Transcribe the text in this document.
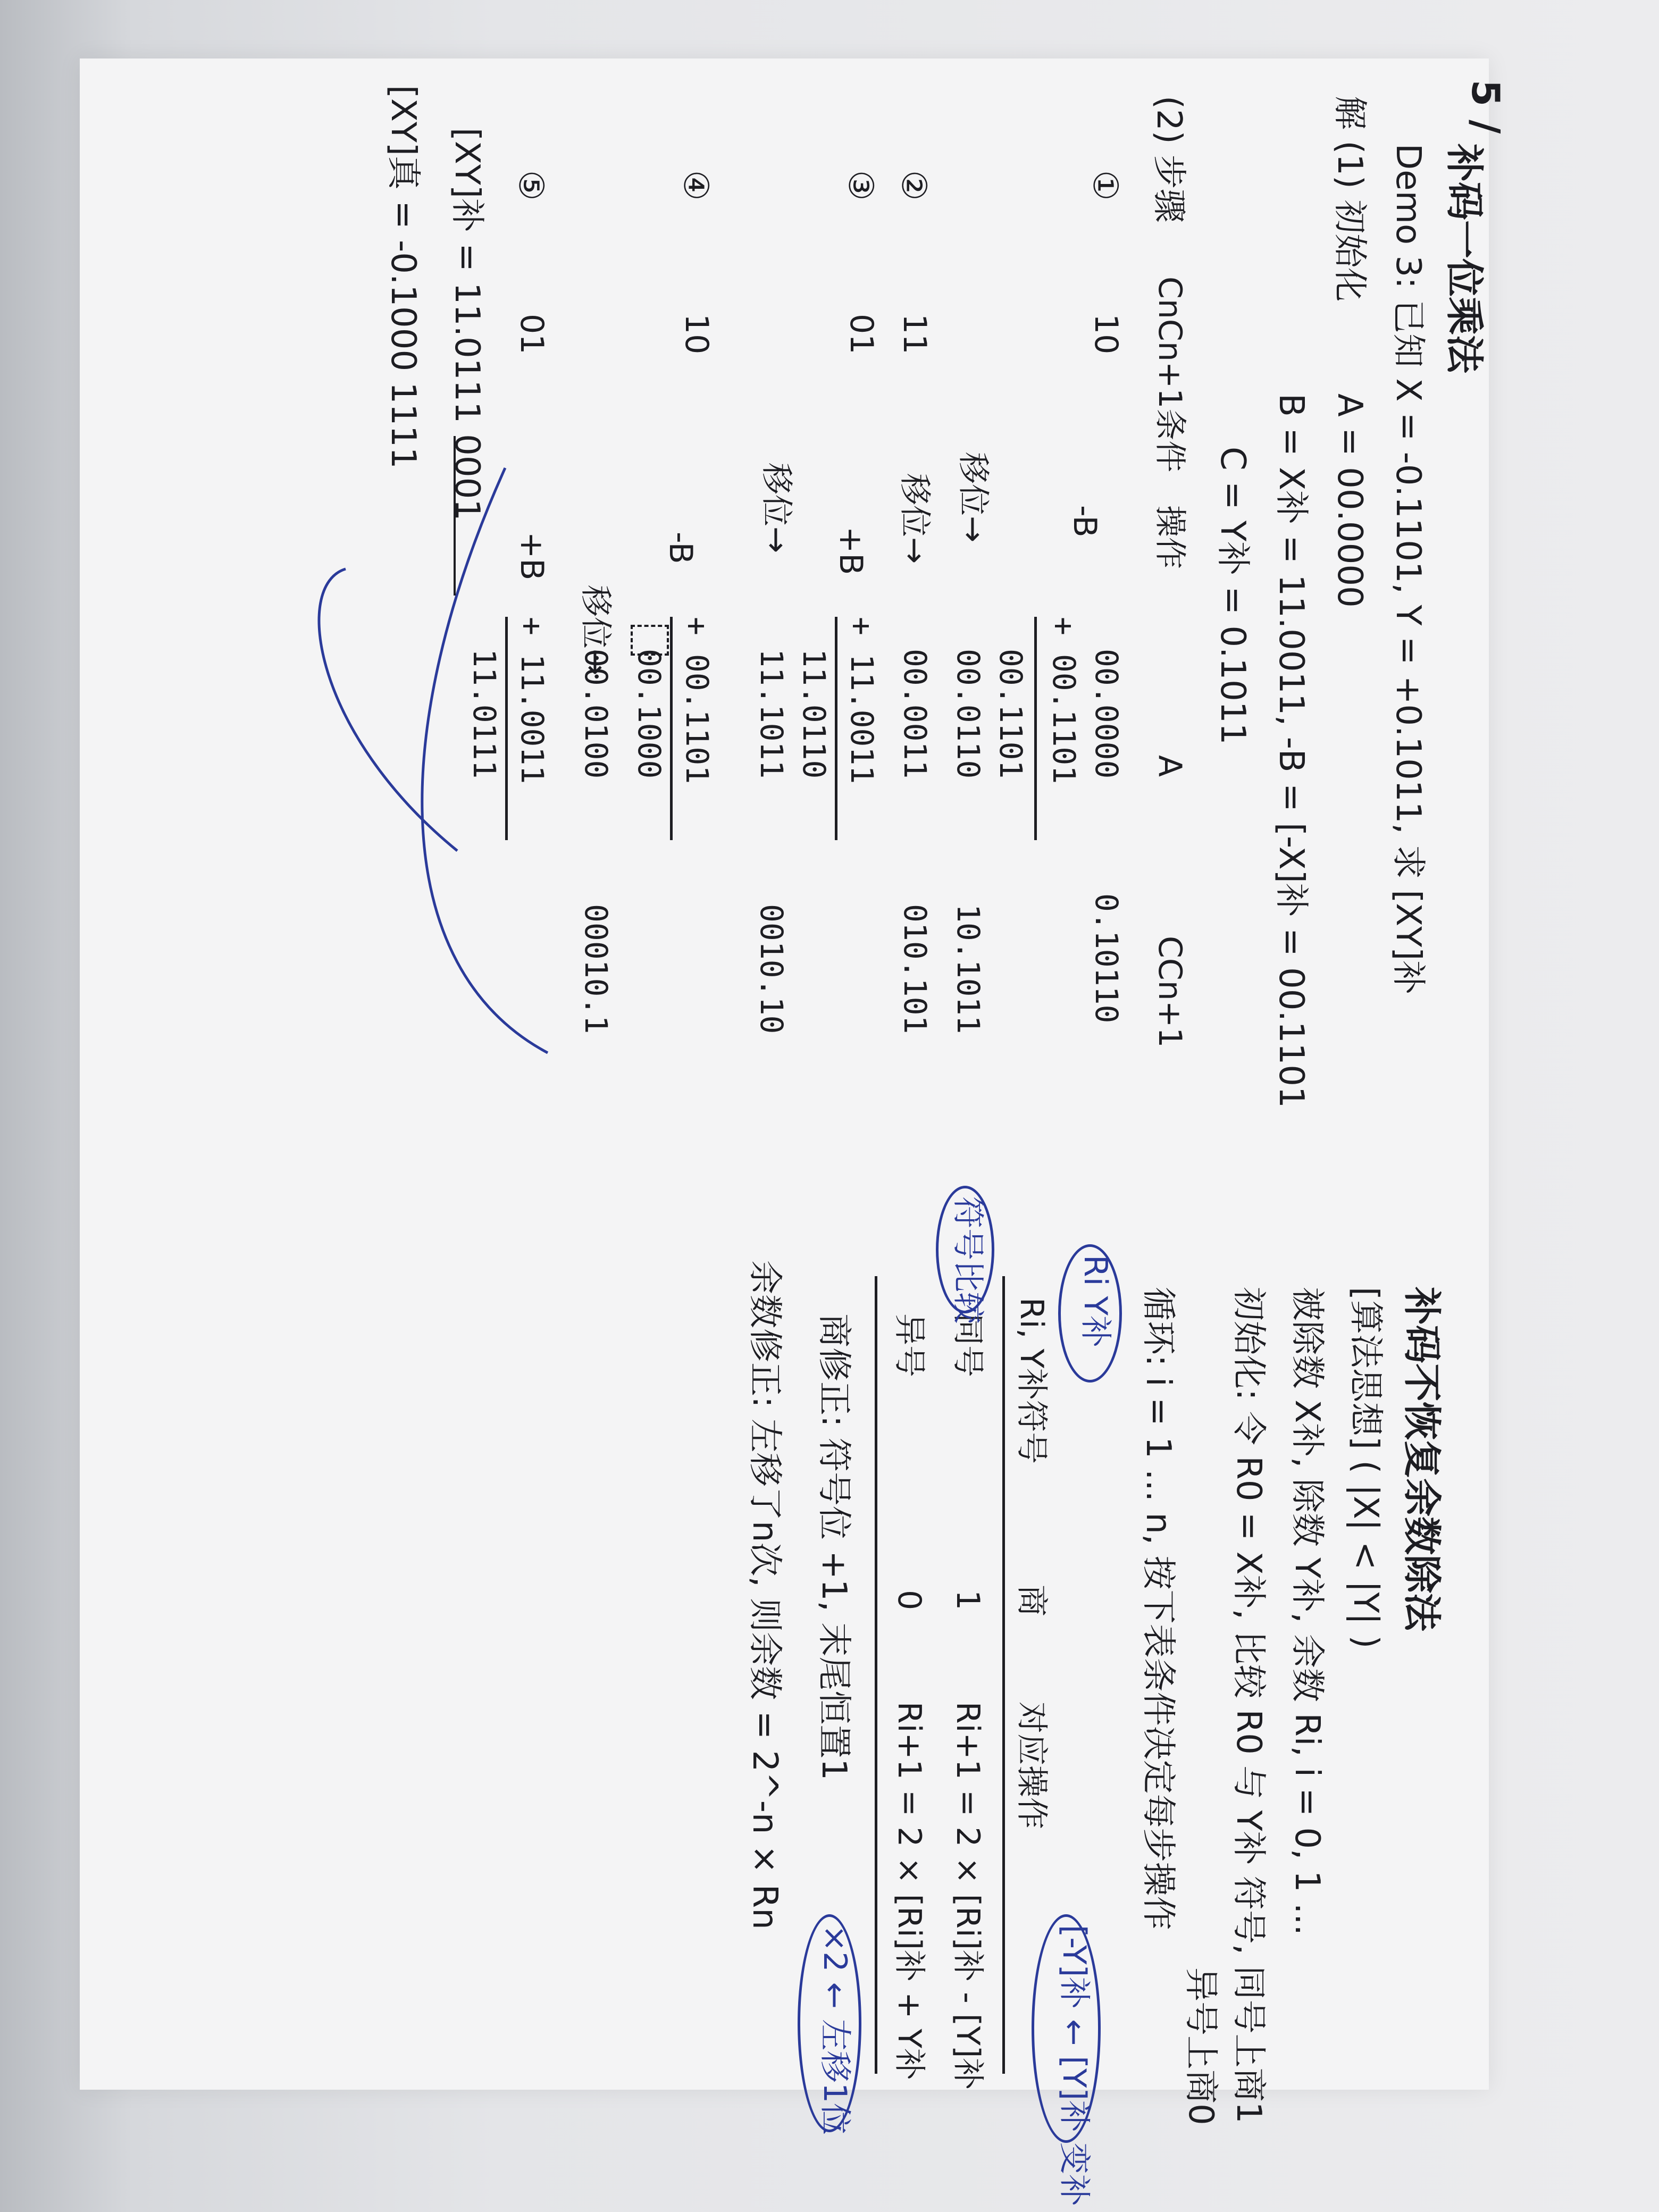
5 /
补码一位乘法
Demo 3: 已知 X = -0.1101, Y = +0.1011, 求 [XY]补
解 (1) 初始化
A = 00.0000
B = X补 = 11.0011, -B = [-X]补 = 00.1101
C = Y补 = 0.1011
(2) 步骤
CnCn+1条件
操作
A
CCn+1
①
10
-B
00.0000
+ 00.1101
00.1101
移位→
00.0110
0.10110
10.1011
②
11
移位→
00.0011
010.101
③
01
+B
+ 11.0011
11.0110
移位→
11.1011
0010.10
④
10
-B
+ 00.1101
00.1000
移位→
00.0100
00010.1
⑤
01
+B
+ 11.0011
11.0111
[XY]补 = 11.0111 0001
[XY]真 = -0.1000 1111
补码不恢复余数除法
[算法思想] ( |X| < |Y| )
被除数 X补, 除数 Y补, 余数 Ri, i = 0, 1 ...
初始化: 令 R0 = X补, 比较 R0 与 Y补 符号, 同号上商1
异号上商0
循环: i = 1 ... n, 按下表条件决定每步操作
Ri Y补
Ri, Y补符号
商
对应操作
同号
1
Ri+1 = 2 × [Ri]补 - [Y]补
异号
0
Ri+1 = 2 × [Ri]补 + Y补
符号比较
[-Y]补 ← [Y]补 变补
×2 ← 左移1位
商修正: 符号位 +1, 末尾恒置1
余数修正: 左移了n次, 则余数 = 2^-n × Rn
